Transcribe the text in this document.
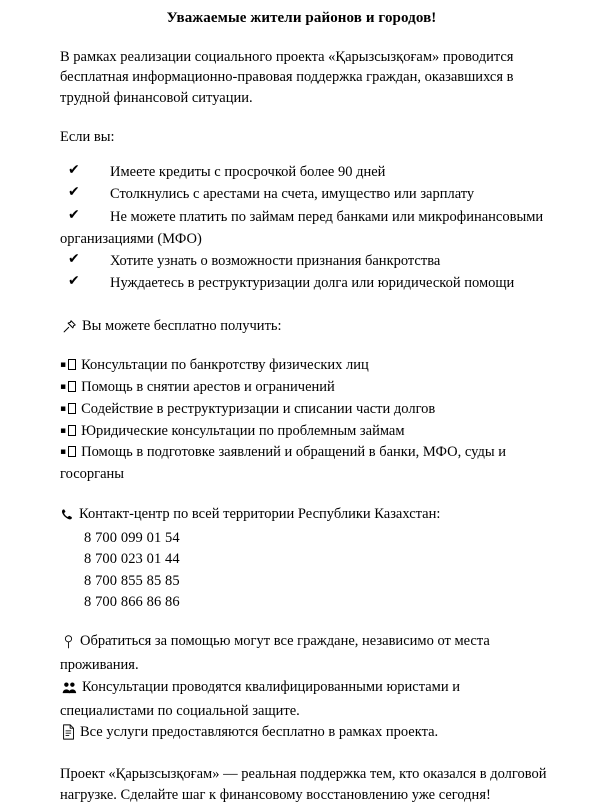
Уважаемые жители районов и городов!

В рамках реализации социального проекта «Қарызсызқоғам» проводится бесплатная информационно-правовая поддержка граждан, оказавшихся в трудной финансовой ситуации.

Если вы:

✔ Имеете кредиты с просрочкой более 90 дней
✔ Столкнулись с арестами на счета, имущество или зарплату
✔ Не можете платить по займам перед банками или микрофинансовыми
организациями (МФО)
✔ Хотите узнать о возможности признания банкротства
✔ Нуждаетесь в реструктуризации долга или юридической помощи

Вы можете бесплатно получить:

▪ Консультации по банкротству физических лиц
▪ Помощь в снятии арестов и ограничений
▪ Содействие в реструктуризации и списании части долгов
▪ Юридические консультации по проблемным займам
▪ Помощь в подготовке заявлений и обращений в банки, МФО, суды и госорганы

Контакт-центр по всей территории Республики Казахстан:

8 700 099 01 54
8 700 023 01 44
8 700 855 85 85
8 700 866 86 86

Обратиться за помощью могут все граждане, независимо от места
проживания.

Консультации проводятся квалифицированными юристами и
специалистами по социальной защите.

Все услуги предоставляются бесплатно в рамках проекта.

Проект «Қарызсызқоғам» — реальная поддержка тем, кто оказался в долговой нагрузке. Сделайте шаг к финансовому восстановлению уже сегодня!
